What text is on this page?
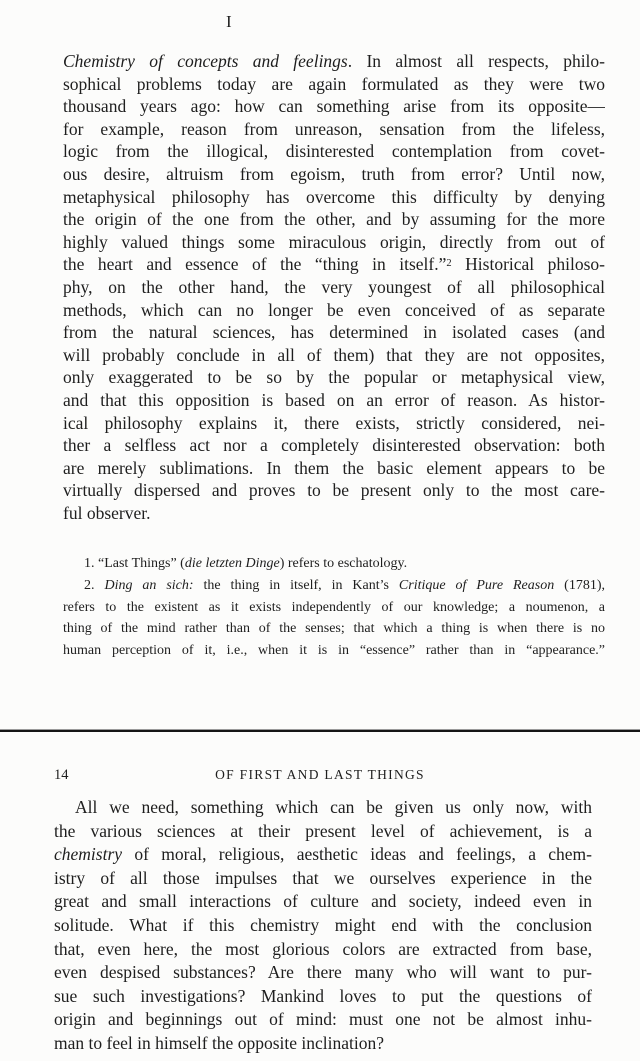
I
Chemistry of concepts and feelings. In almost all respects, philo-
sophical problems today are again formulated as they were two
thousand years ago: how can something arise from its opposite—
for example, reason from unreason, sensation from the lifeless,
logic from the illogical, disinterested contemplation from covet-
ous desire, altruism from egoism, truth from error? Until now,
metaphysical philosophy has overcome this difficulty by denying
the origin of the one from the other, and by assuming for the more
highly valued things some miraculous origin, directly from out of
the heart and essence of the “thing in itself.”$^2$ Historical philoso-
phy, on the other hand, the very youngest of all philosophical
methods, which can no longer be even conceived of as separate
from the natural sciences, has determined in isolated cases (and
will probably conclude in all of them) that they are not opposites,
only exaggerated to be so by the popular or metaphysical view,
and that this opposition is based on an error of reason. As histor-
ical philosophy explains it, there exists, strictly considered, nei-
ther a selfless act nor a completely disinterested observation: both
are merely sublimations. In them the basic element appears to be
virtually dispersed and proves to be present only to the most care-
ful observer.
1. “Last Things” (die letzten Dinge) refers to eschatology.
2. Ding an sich: the thing in itself, in Kant’s Critique of Pure Reason (1781),
refers to the existent as it exists independently of our knowledge; a noumenon, a
thing of the mind rather than of the senses; that which a thing is when there is no
human perception of it, i.e., when it is in “essence” rather than in “appearance.”
14	OF FIRST AND LAST THINGS
All we need, something which can be given us only now, with
the various sciences at their present level of achievement, is a
chemistry of moral, religious, aesthetic ideas and feelings, a chem-
istry of all those impulses that we ourselves experience in the
great and small interactions of culture and society, indeed even in
solitude. What if this chemistry might end with the conclusion
that, even here, the most glorious colors are extracted from base,
even despised substances? Are there many who will want to pur-
sue such investigations? Mankind loves to put the questions of
origin and beginnings out of mind: must one not be almost inhu-
man to feel in himself the opposite inclination?
